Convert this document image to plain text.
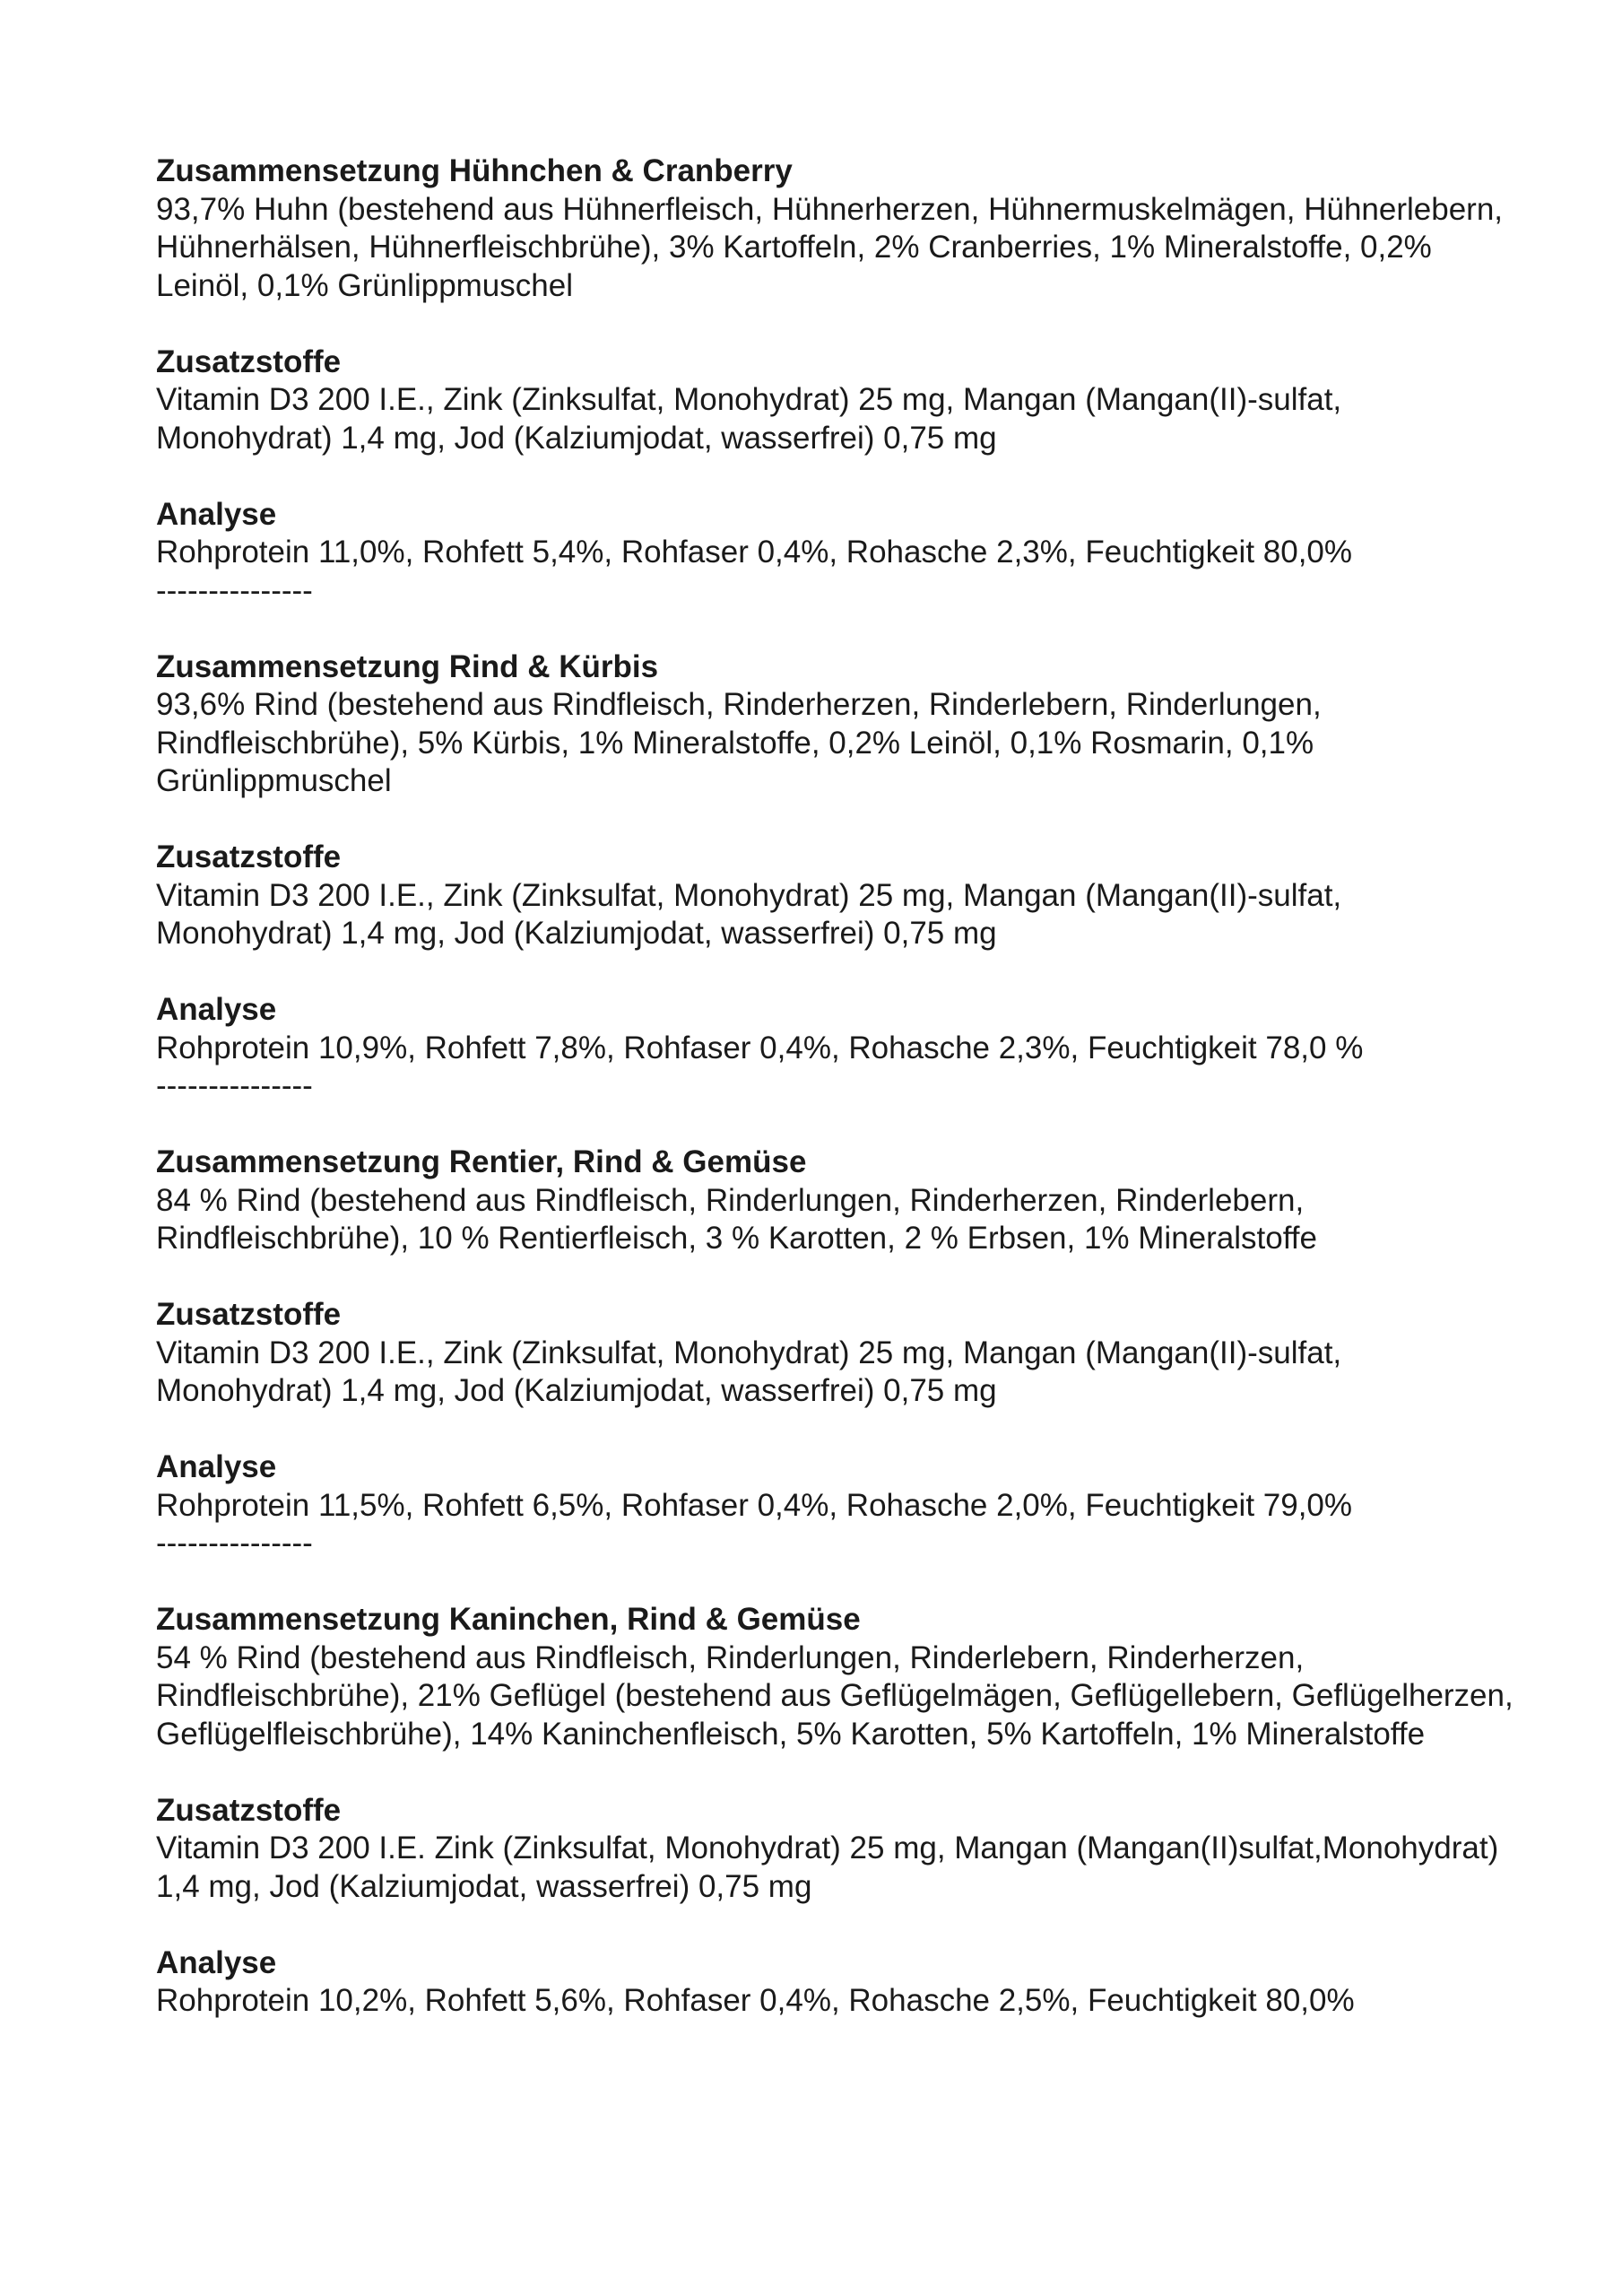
Zusammensetzung Hühnchen & Cranberry

93,7% Huhn (bestehend aus Hühnerfleisch, Hühnerherzen, Hühnermuskelmägen, Hühnerlebern, Hühnerhälsen, Hühnerfleischbrühe), 3% Kartoffeln, 2% Cranberries, 1% Mineralstoffe, 0,2% Leinöl, 0,1% Grünlippmuschel

Zusatzstoffe

Vitamin D3 200 I.E., Zink (Zinksulfat, Monohydrat) 25 mg, Mangan (Mangan(II)-sulfat, Monohydrat) 1,4 mg, Jod (Kalziumjodat, wasserfrei) 0,75 mg

Analyse

Rohprotein 11,0%, Rohfett 5,4%, Rohfaser 0,4%, Rohasche 2,3%, Feuchtigkeit 80,0%

---------------

Zusammensetzung Rind & Kürbis

93,6% Rind (bestehend aus Rindfleisch, Rinderherzen, Rinderlebern, Rinderlungen, Rindfleischbrühe), 5% Kürbis, 1% Mineralstoffe, 0,2% Leinöl, 0,1% Rosmarin, 0,1% Grünlippmuschel

Zusatzstoffe

Vitamin D3 200 I.E., Zink (Zinksulfat, Monohydrat) 25 mg, Mangan (Mangan(II)-sulfat, Monohydrat) 1,4 mg, Jod (Kalziumjodat, wasserfrei) 0,75 mg

Analyse

Rohprotein 10,9%, Rohfett 7,8%, Rohfaser 0,4%, Rohasche 2,3%, Feuchtigkeit 78,0 %

---------------

Zusammensetzung Rentier, Rind & Gemüse

84 % Rind (bestehend aus Rindfleisch, Rinderlungen, Rinderherzen, Rinderlebern, Rindfleischbrühe), 10 % Rentierfleisch, 3 % Karotten, 2 % Erbsen, 1% Mineralstoffe

Zusatzstoffe

Vitamin D3 200 I.E., Zink (Zinksulfat, Monohydrat) 25 mg, Mangan (Mangan(II)-sulfat, Monohydrat) 1,4 mg, Jod (Kalziumjodat, wasserfrei) 0,75 mg

Analyse

Rohprotein 11,5%, Rohfett 6,5%, Rohfaser 0,4%, Rohasche 2,0%, Feuchtigkeit 79,0%

---------------

Zusammensetzung Kaninchen, Rind & Gemüse

54 % Rind (bestehend aus Rindfleisch, Rinderlungen, Rinderlebern, Rinderherzen, Rindfleischbrühe), 21% Geflügel (bestehend aus Geflügelmägen, Geflügellebern, Geflügelherzen, Geflügelfleischbrühe), 14% Kaninchenfleisch, 5% Karotten, 5% Kartoffeln, 1% Mineralstoffe

Zusatzstoffe

Vitamin D3 200 I.E. Zink (Zinksulfat, Monohydrat) 25 mg, Mangan (Mangan(II)sulfat,Monohydrat) 1,4 mg, Jod (Kalziumjodat, wasserfrei) 0,75 mg

Analyse

Rohprotein 10,2%, Rohfett 5,6%, Rohfaser 0,4%, Rohasche 2,5%, Feuchtigkeit 80,0%
